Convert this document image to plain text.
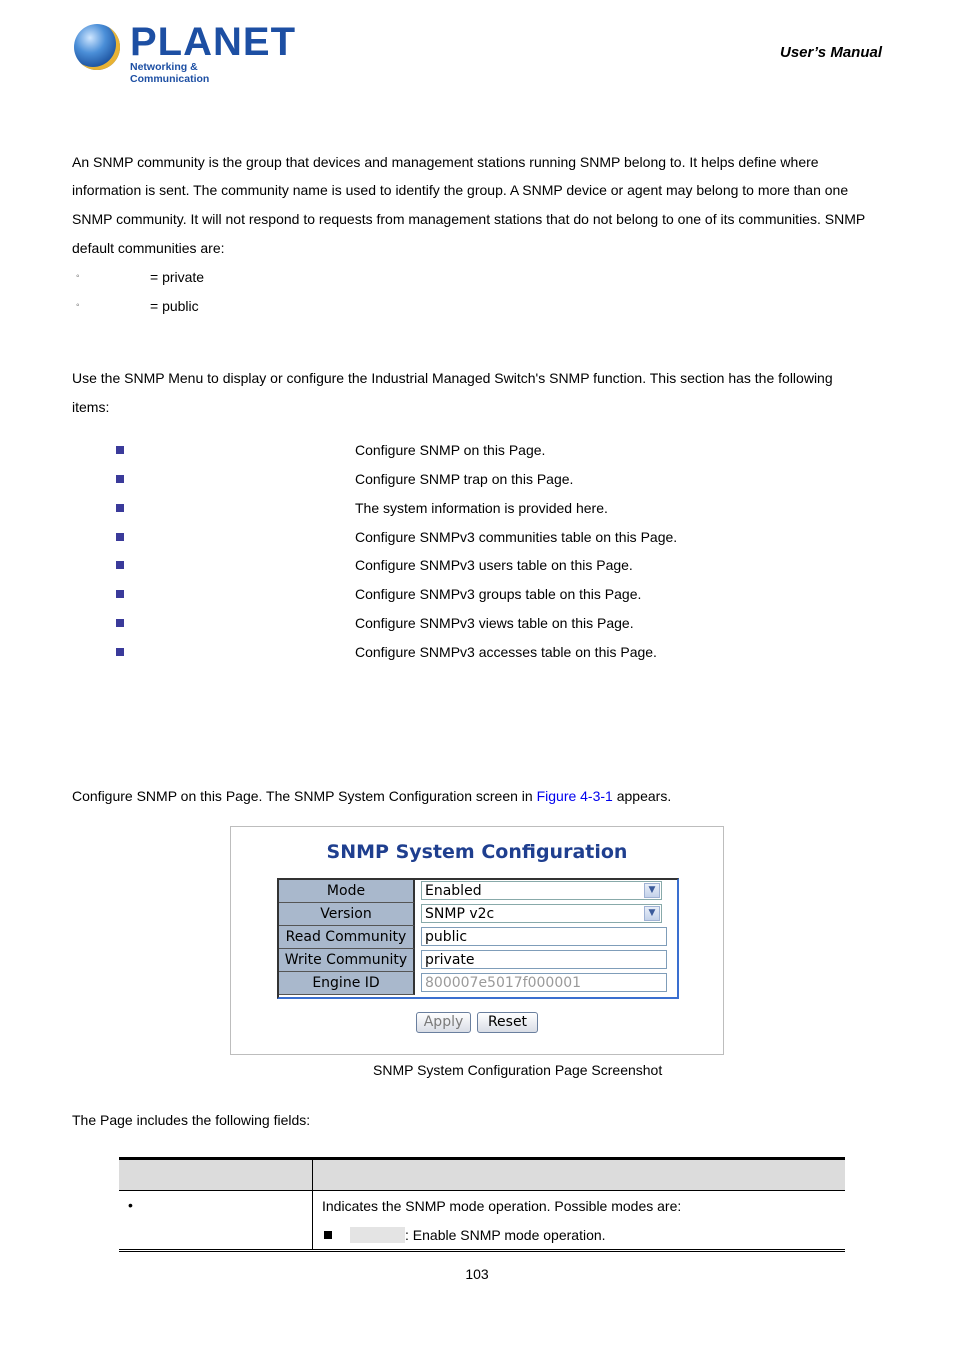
PLANET
Networking & Communication
User’s Manual

An SNMP community is the group that devices and management stations running SNMP belong to. It helps define where

information is sent. The community name is used to identify the group. A SNMP device or agent may belong to more than one

SNMP community. It will not respond to requests from management stations that do not belong to one of its communities. SNMP

default communities are:

◦	= private
◦	= public

Use the SNMP Menu to display or configure the Industrial Managed Switch's SNMP function. This section has the following

items:

Configure SNMP on this Page.
Configure SNMP trap on this Page.
The system information is provided here.
Configure SNMPv3 communities table on this Page.
Configure SNMPv3 users table on this Page.
Configure SNMPv3 groups table on this Page.
Configure SNMPv3 views table on this Page.
Configure SNMPv3 accesses table on this Page.

Configure SNMP on this Page. The SNMP System Configuration screen in Figure 4-3-1 appears.

SNMP System Configuration
Mode	Enabled	▼
Version	SNMP v2c	▼
Read Community	public
Write Community	private
Engine ID	800007e5017f000001
Apply	Reset
SNMP System Configuration Page Screenshot

The Page includes the following fields:

•	Indicates the SNMP mode operation. Possible modes are:
: Enable SNMP mode operation.
103
